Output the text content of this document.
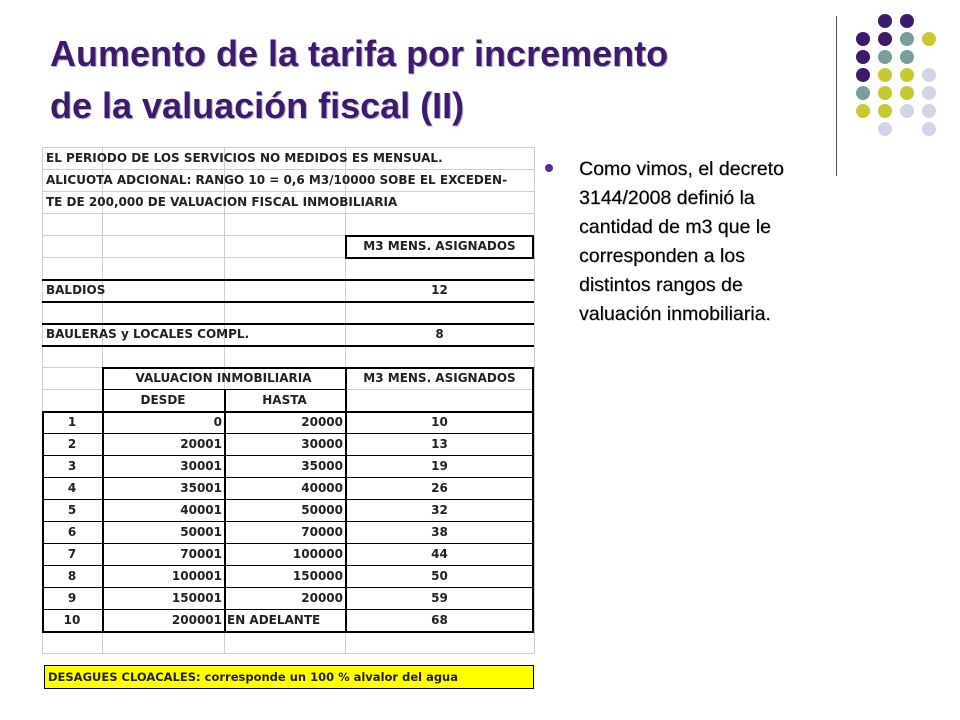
Aumento de la tarifa por incremento
de la valuación fiscal (II)
Como vimos, el decreto 3144/2008 definió la cantidad de m3 que le corresponden a los distintos rangos de valuación inmobiliaria.
EL PERIODO DE LOS SERVICIOS NO MEDIDOS ES MENSUAL.
ALICUOTA ADCIONAL: RANGO 10 = 0,6 M3/10000 SOBE EL EXCEDEN-
TE DE 200,000 DE VALUACION FISCAL INMOBILIARIA
M3 MENS. ASIGNADOS
BALDIOS	12
BAULERAS y LOCALES COMPL.	8
VALUACION INMOBILIARIA	M3 MENS. ASIGNADOS
DESDE	HASTA
1	0	20000	10
2	20001	30000	13
3	30001	35000	19
4	35001	40000	26
5	40001	50000	32
6	50001	70000	38
7	70001	100000	44
8	100001	150000	50
9	150001	20000	59
10	200001 EN ADELANTE	68
DESAGUES CLOACALES: corresponde un 100 % alvalor del agua
